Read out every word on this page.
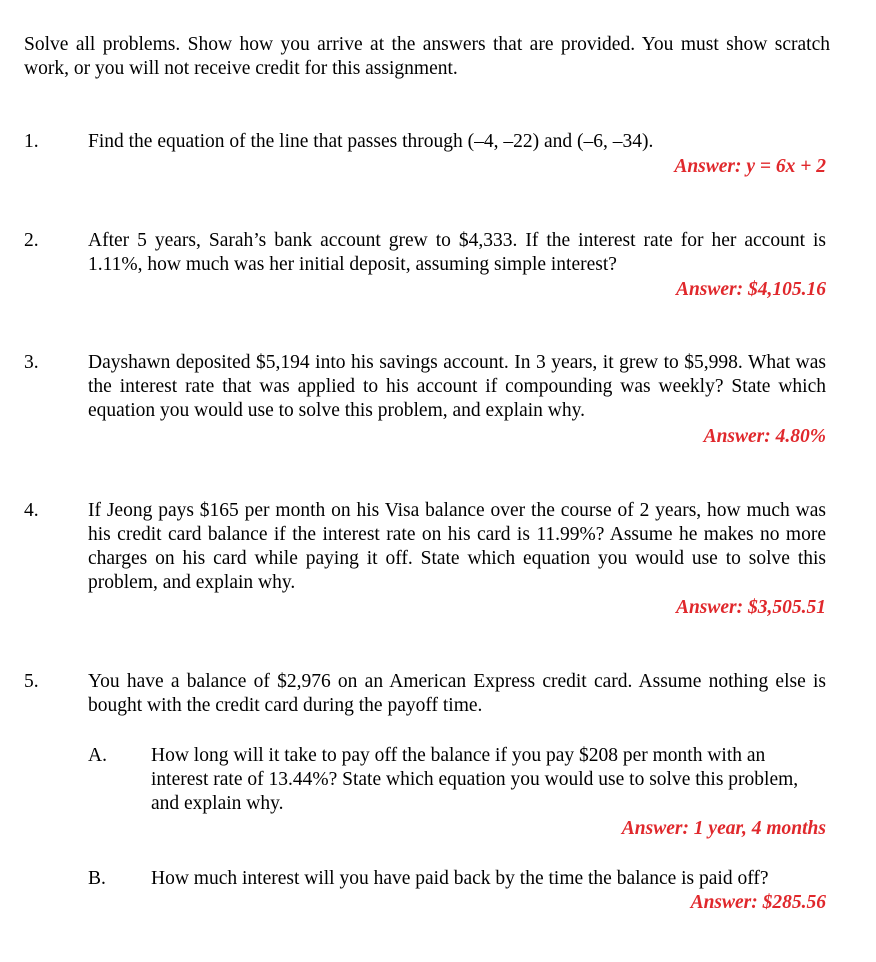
Solve all problems. Show how you arrive at the answers that are provided. You must show scratch work, or you will not receive credit for this assignment.
1.	Find the equation of the line that passes through (–4, –22) and (–6, –34).
Answer: y = 6x + 2
2.	After 5 years, Sarah’s bank account grew to $4,333. If the interest rate for her account is 1.11%, how much was her initial deposit, assuming simple interest?
Answer: $4,105.16
3.	Dayshawn deposited $5,194 into his savings account. In 3 years, it grew to $5,998. What was the interest rate that was applied to his account if compounding was weekly? State which equation you would use to solve this problem, and explain why.
Answer: 4.80%
4.	If Jeong pays $165 per month on his Visa balance over the course of 2 years, how much was his credit card balance if the interest rate on his card is 11.99%? Assume he makes no more charges on his card while paying it off. State which equation you would use to solve this problem, and explain why.
Answer: $3,505.51
5.	You have a balance of $2,976 on an American Express credit card. Assume nothing else is bought with the credit card during the payoff time.
A. How long will it take to pay off the balance if you pay $208 per month with an interest rate of 13.44%? State which equation you would use to solve this problem, and explain why.
Answer: 1 year, 4 months
B. How much interest will you have paid back by the time the balance is paid off?
Answer: $285.56
